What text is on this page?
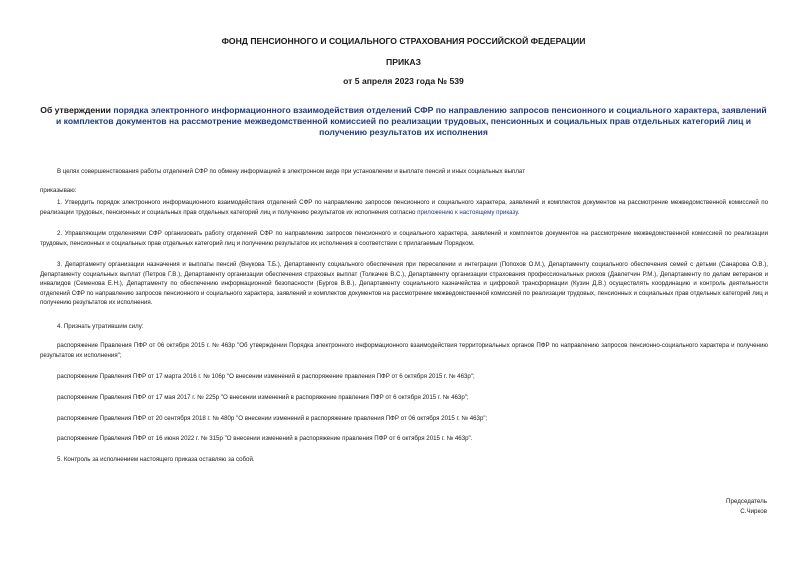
ФОНД ПЕНСИОННОГО И СОЦИАЛЬНОГО СТРАХОВАНИЯ РОССИЙСКОЙ ФЕДЕРАЦИИ
ПРИКАЗ
от 5 апреля 2023 года № 539
Об утверждении порядка электронного информационного взаимодействия отделений СФР по направлению запросов пенсионного и социального характера, заявлений и комплектов документов на рассмотрение межведомственной комиссией по реализации трудовых, пенсионных и социальных прав отдельных категорий лиц и получению результатов их исполнения
В целях совершенствования работы отделений СФР по обмену информацией в электронном виде при установлении и выплате пенсий и иных социальных выплат
приказываю:
1. Утвердить порядок электронного информационного взаимодействия отделений СФР по направлению запросов пенсионного и социального характера, заявлений и комплектов документов на рассмотрение межведомственной комиссией по реализации трудовых, пенсионных и социальных прав отдельных категорий лиц и получению результатов их исполнения согласно приложению к настоящему приказу.
2. Управляющим отделениями СФР организовать работу отделений СФР по направлению запросов пенсионного и социального характера, заявлений и комплектов документов на рассмотрение межведомственной комиссией по реализации трудовых, пенсионных и социальных прав отдельных категорий лиц и получению результатов их исполнения в соответствии с прилагаемым Порядком.
3. Департаменту организации назначения и выплаты пенсий (Внукова Т.Б.), Департаменту социального обеспечения при переселении и интеграции (Попохов О.М.), Департаменту социального обеспечения семей с детьми (Санарова О.В.), Департаменту социальных выплат (Петров Г.В.), Департаменту организации обеспечения страховых выплат (Толкачев В.С.), Департаменту организации страхования профессиональных рисков (Давлетчин Р.М.), Департаменту по делам ветеранов и инвалидов (Семенова Е.Н.), Департаменту по обеспечению информационной безопасности (Бургов В.В.), Департаменту социального казначейства и цифровой трансформации (Кузин Д.В.) осуществлять координацию и контроль деятельности отделений СФР по направлению запросов пенсионного и социального характера, заявлений и комплектов документов на рассмотрение межведомственной комиссией по реализации трудовых, пенсионных и социальных прав отдельных категорий лиц и получению результатов их исполнения.
4. Признать утратившим силу:
распоряжение Правления ПФР от 06 октября 2015 г. № 463р "Об утверждении Порядка электронного информационного взаимодействия территориальных органов ПФР по направлению запросов пенсионно-социального характера и получению результатов их исполнения";
распоряжение Правления ПФР от 17 марта 2016 г. № 106р "О внесении изменений в распоряжение правления ПФР от 6 октября 2015 г. № 463р";
распоряжение Правления ПФР от 17 мая 2017 г. № 225р "О внесении изменений в распоряжение правления ПФР от 6 октября 2015 г. № 463р";
распоряжение Правления ПФР от 20 сентября 2018 г. № 480р "О внесении изменений в распоряжение правления ПФР от 06 октября 2015 г. № 463р";
распоряжение Правления ПФР от 16 июня 2022 г. № 315р "О внесении изменений в распоряжение правления ПФР от 6 октября 2015 г. № 463р".
5. Контроль за исполнением настоящего приказа оставляю за собой.
Председатель
С.Чирков
